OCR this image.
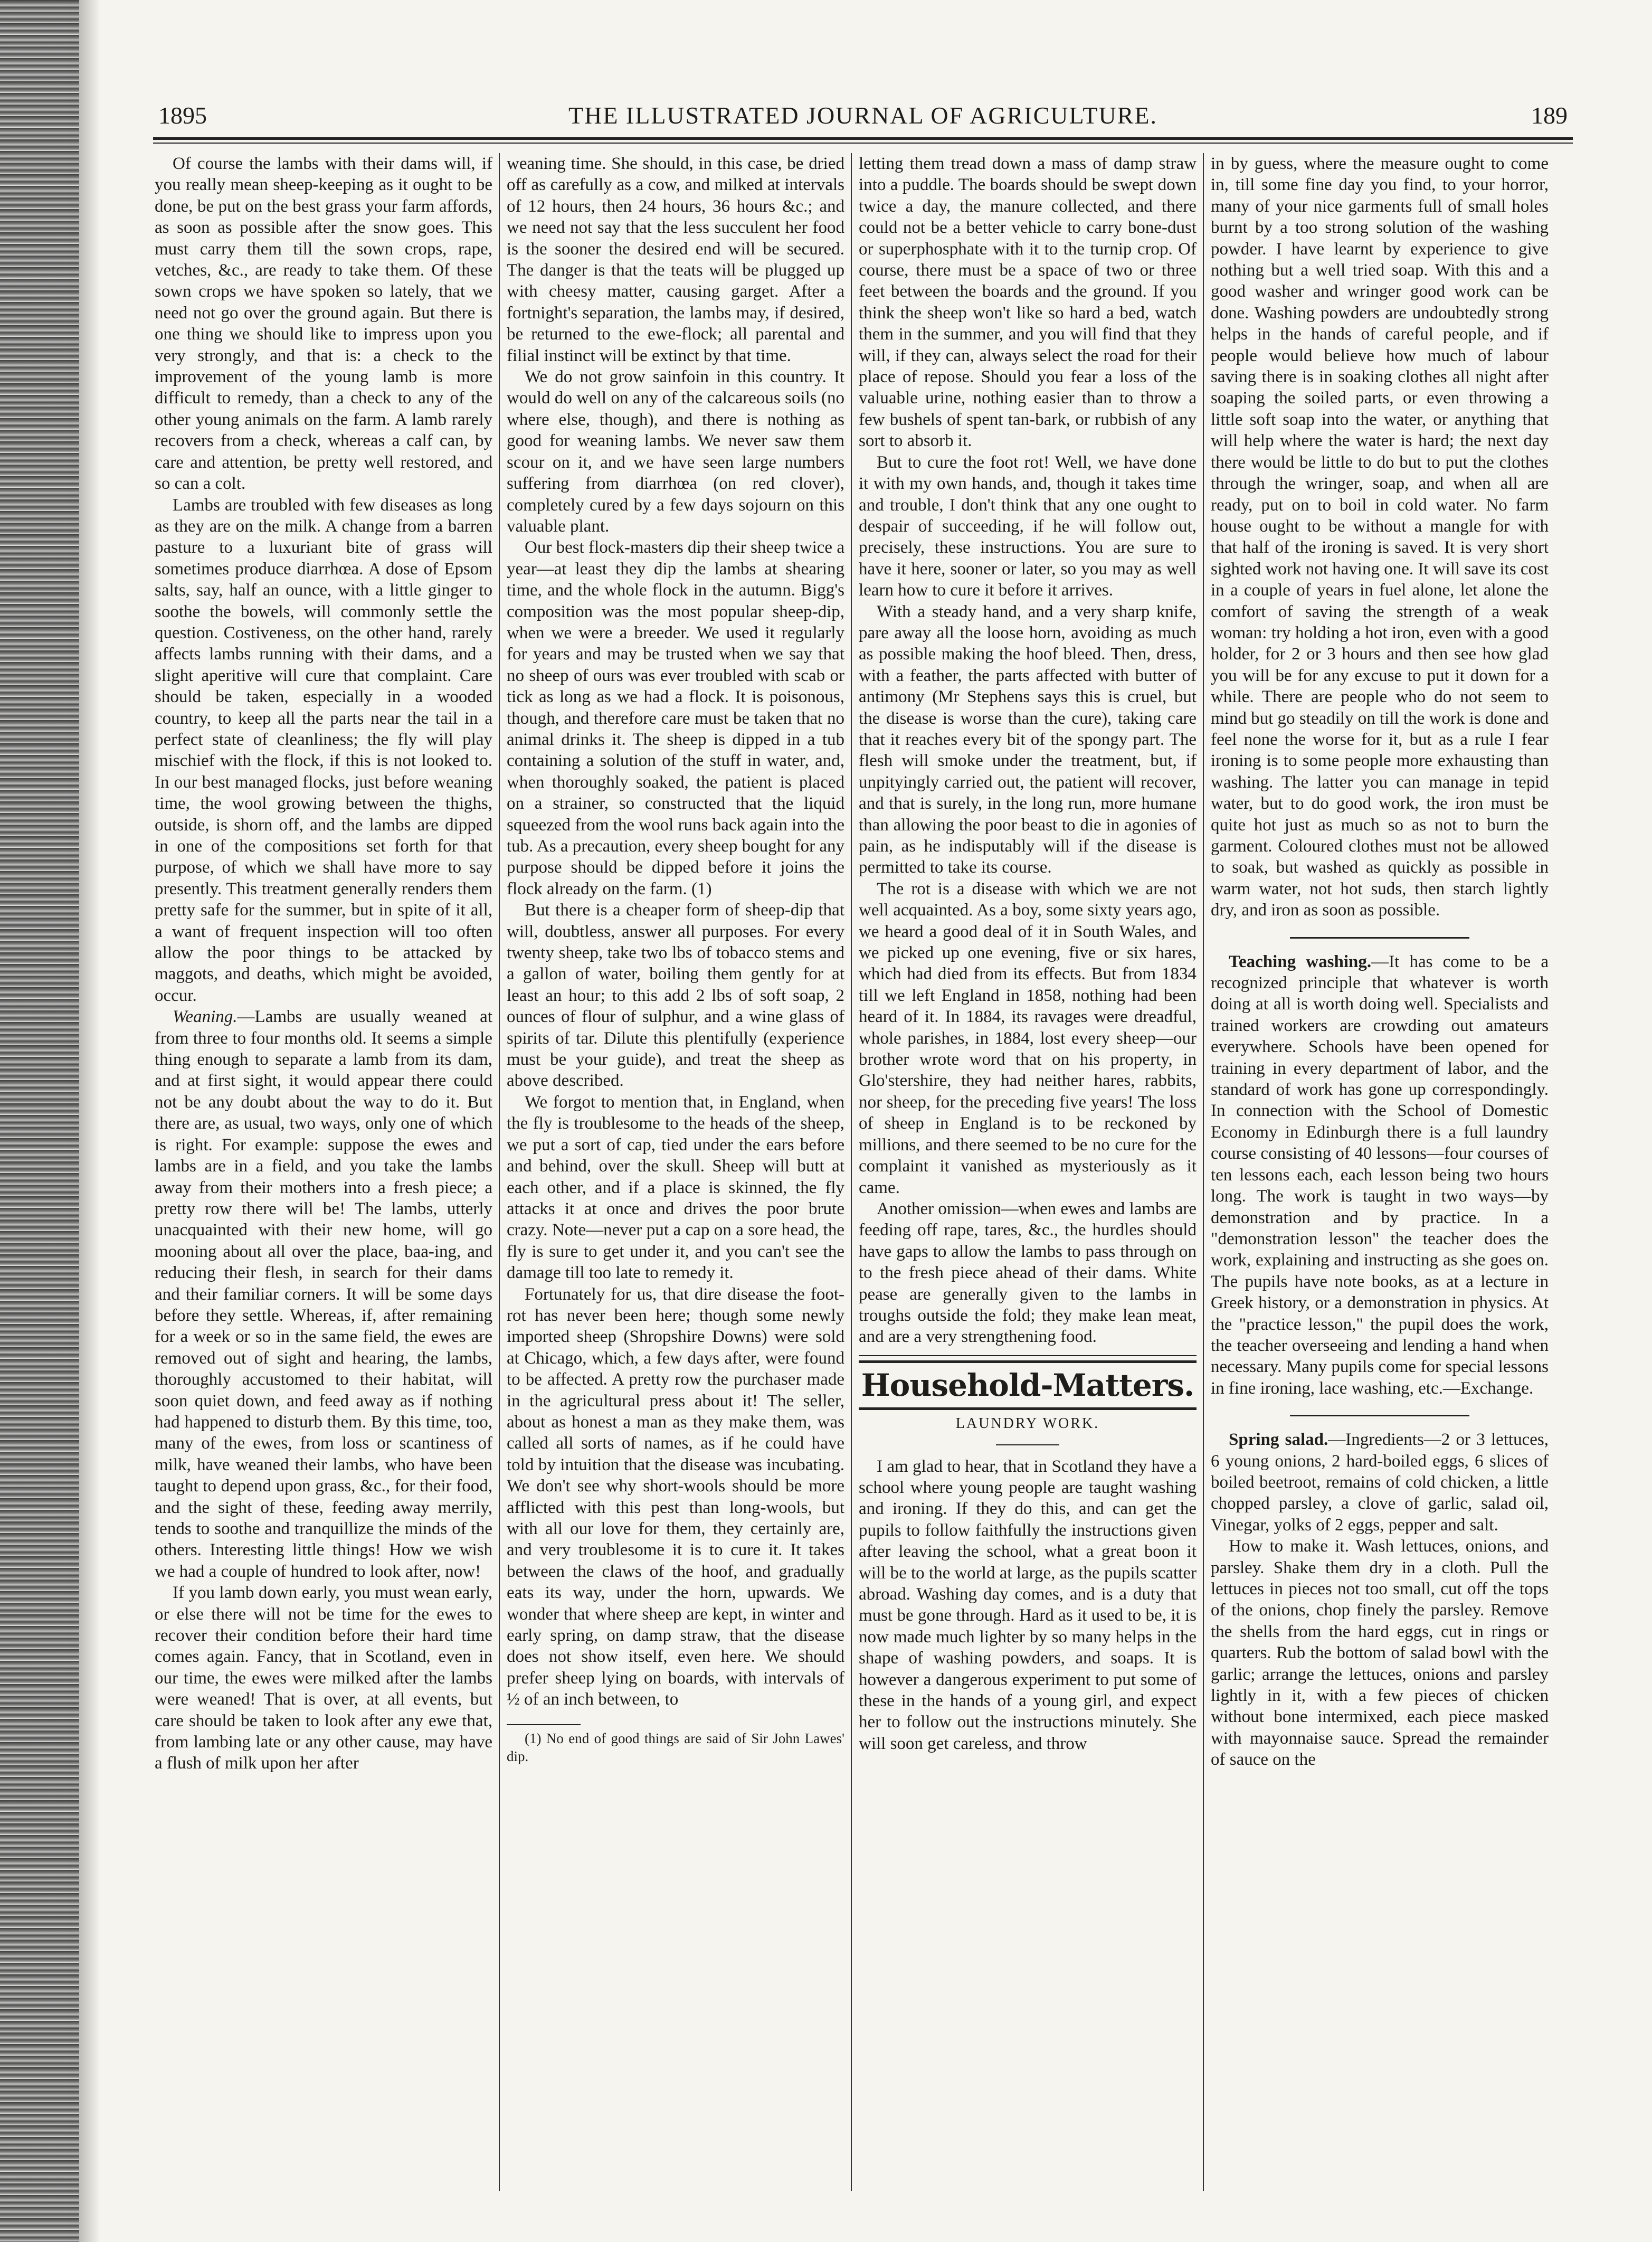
1895	THE ILLUSTRATED JOURNAL OF AGRICULTURE.	189

Of course the lambs with their dams will, if you really mean sheep-keeping as it ought to be done, be put on the best grass your farm affords, as soon as possible after the snow goes. This must carry them till the sown crops, rape, vetches, &c., are ready to take them. Of these sown crops we have spoken so lately, that we need not go over the ground again. But there is one thing we should like to impress upon you very strongly, and that is: a check to the improvement of the young lamb is more difficult to remedy, than a check to any of the other young animals on the farm. A lamb rarely recovers from a check, whereas a calf can, by care and attention, be pretty well restored, and so can a colt.

Lambs are troubled with few diseases as long as they are on the milk. A change from a barren pasture to a luxuriant bite of grass will sometimes produce diarrhœa. A dose of Epsom salts, say, half an ounce, with a little ginger to soothe the bowels, will commonly settle the question. Costiveness, on the other hand, rarely affects lambs running with their dams, and a slight aperitive will cure that complaint. Care should be taken, especially in a wooded country, to keep all the parts near the tail in a perfect state of cleanliness; the fly will play mischief with the flock, if this is not looked to. In our best managed flocks, just before weaning time, the wool growing between the thighs, outside, is shorn off, and the lambs are dipped in one of the compositions set forth for that purpose, of which we shall have more to say presently. This treatment generally renders them pretty safe for the summer, but in spite of it all, a want of frequent inspection will too often allow the poor things to be attacked by maggots, and deaths, which might be avoided, occur.

Weaning.—Lambs are usually weaned at from three to four months old. It seems a simple thing enough to separate a lamb from its dam, and at first sight, it would appear there could not be any doubt about the way to do it. But there are, as usual, two ways, only one of which is right. For example: suppose the ewes and lambs are in a field, and you take the lambs away from their mothers into a fresh piece; a pretty row there will be! The lambs, utterly unacquainted with their new home, will go mooning about all over the place, baa-ing, and reducing their flesh, in search for their dams and their familiar corners. It will be some days before they settle. Whereas, if, after remaining for a week or so in the same field, the ewes are removed out of sight and hearing, the lambs, thoroughly accustomed to their habitat, will soon quiet down, and feed away as if nothing had happened to disturb them. By this time, too, many of the ewes, from loss or scantiness of milk, have weaned their lambs, who have been taught to depend upon grass, &c., for their food, and the sight of these, feeding away merrily, tends to soothe and tranquillize the minds of the others. Interesting little things! How we wish we had a couple of hundred to look after, now!

If you lamb down early, you must wean early, or else there will not be time for the ewes to recover their condition before their hard time comes again. Fancy, that in Scotland, even in our time, the ewes were milked after the lambs were weaned! That is over, at all events, but care should be taken to look after any ewe that, from lambing late or any other cause, may have a flush of milk upon her after

weaning time. She should, in this case, be dried off as carefully as a cow, and milked at intervals of 12 hours, then 24 hours, 36 hours &c.; and we need not say that the less succulent her food is the sooner the desired end will be secured. The danger is that the teats will be plugged up with cheesy matter, causing garget. After a fortnight's separation, the lambs may, if desired, be returned to the ewe-flock; all parental and filial instinct will be extinct by that time.

We do not grow sainfoin in this country. It would do well on any of the calcareous soils (no where else, though), and there is nothing as good for weaning lambs. We never saw them scour on it, and we have seen large numbers suffering from diarrhœa (on red clover), completely cured by a few days sojourn on this valuable plant.

Our best flock-masters dip their sheep twice a year—at least they dip the lambs at shearing time, and the whole flock in the autumn. Bigg's composition was the most popular sheep-dip, when we were a breeder. We used it regularly for years and may be trusted when we say that no sheep of ours was ever troubled with scab or tick as long as we had a flock. It is poisonous, though, and therefore care must be taken that no animal drinks it. The sheep is dipped in a tub containing a solution of the stuff in water, and, when thoroughly soaked, the patient is placed on a strainer, so constructed that the liquid squeezed from the wool runs back again into the tub. As a precaution, every sheep bought for any purpose should be dipped before it joins the flock already on the farm. (1)

But there is a cheaper form of sheep-dip that will, doubtless, answer all purposes. For every twenty sheep, take two lbs of tobacco stems and a gallon of water, boiling them gently for at least an hour; to this add 2 lbs of soft soap, 2 ounces of flour of sulphur, and a wine glass of spirits of tar. Dilute this plentifully (experience must be your guide), and treat the sheep as above described.

We forgot to mention that, in England, when the fly is troublesome to the heads of the sheep, we put a sort of cap, tied under the ears before and behind, over the skull. Sheep will butt at each other, and if a place is skinned, the fly attacks it at once and drives the poor brute crazy. Note—never put a cap on a sore head, the fly is sure to get under it, and you can't see the damage till too late to remedy it.

Fortunately for us, that dire disease the foot-rot has never been here; though some newly imported sheep (Shropshire Downs) were sold at Chicago, which, a few days after, were found to be affected. A pretty row the purchaser made in the agricultural press about it! The seller, about as honest a man as they make them, was called all sorts of names, as if he could have told by intuition that the disease was incubating. We don't see why short-wools should be more afflicted with this pest than long-wools, but with all our love for them, they certainly are, and very troublesome it is to cure it. It takes between the claws of the hoof, and gradually eats its way, under the horn, upwards. We wonder that where sheep are kept, in winter and early spring, on damp straw, that the disease does not show itself, even here. We should prefer sheep lying on boards, with intervals of ½ of an inch between, to

(1) No end of good things are said of Sir John Lawes' dip.

letting them tread down a mass of damp straw into a puddle. The boards should be swept down twice a day, the manure collected, and there could not be a better vehicle to carry bone-dust or superphosphate with it to the turnip crop. Of course, there must be a space of two or three feet between the boards and the ground. If you think the sheep won't like so hard a bed, watch them in the summer, and you will find that they will, if they can, always select the road for their place of repose. Should you fear a loss of the valuable urine, nothing easier than to throw a few bushels of spent tan-bark, or rubbish of any sort to absorb it.

But to cure the foot rot! Well, we have done it with my own hands, and, though it takes time and trouble, I don't think that any one ought to despair of succeeding, if he will follow out, precisely, these instructions. You are sure to have it here, sooner or later, so you may as well learn how to cure it before it arrives.

With a steady hand, and a very sharp knife, pare away all the loose horn, avoiding as much as possible making the hoof bleed. Then, dress, with a feather, the parts affected with butter of antimony (Mr Stephens says this is cruel, but the disease is worse than the cure), taking care that it reaches every bit of the spongy part. The flesh will smoke under the treatment, but, if unpityingly carried out, the patient will recover, and that is surely, in the long run, more humane than allowing the poor beast to die in agonies of pain, as he indisputably will if the disease is permitted to take its course.

The rot is a disease with which we are not well acquainted. As a boy, some sixty years ago, we heard a good deal of it in South Wales, and we picked up one evening, five or six hares, which had died from its effects. But from 1834 till we left England in 1858, nothing had been heard of it. In 1884, its ravages were dreadful, whole parishes, in 1884, lost every sheep—our brother wrote word that on his property, in Glo'stershire, they had neither hares, rabbits, nor sheep, for the preceding five years! The loss of sheep in England is to be reckoned by millions, and there seemed to be no cure for the complaint it vanished as mysteriously as it came.

Another omission—when ewes and lambs are feeding off rape, tares, &c., the hurdles should have gaps to allow the lambs to pass through on to the fresh piece ahead of their dams. White pease are generally given to the lambs in troughs outside the fold; they make lean meat, and are a very strengthening food.

Household-Matters.
LAUNDRY WORK.

I am glad to hear, that in Scotland they have a school where young people are taught washing and ironing. If they do this, and can get the pupils to follow faithfully the instructions given after leaving the school, what a great boon it will be to the world at large, as the pupils scatter abroad. Washing day comes, and is a duty that must be gone through. Hard as it used to be, it is now made much lighter by so many helps in the shape of washing powders, and soaps. It is however a dangerous experiment to put some of these in the hands of a young girl, and expect her to follow out the instructions minutely. She will soon get careless, and throw

in by guess, where the measure ought to come in, till some fine day you find, to your horror, many of your nice garments full of small holes burnt by a too strong solution of the washing powder. I have learnt by experience to give nothing but a well tried soap. With this and a good washer and wringer good work can be done. Washing powders are undoubtedly strong helps in the hands of careful people, and if people would believe how much of labour saving there is in soaking clothes all night after soaping the soiled parts, or even throwing a little soft soap into the water, or anything that will help where the water is hard; the next day there would be little to do but to put the clothes through the wringer, soap, and when all are ready, put on to boil in cold water. No farm house ought to be without a mangle for with that half of the ironing is saved. It is very short sighted work not having one. It will save its cost in a couple of years in fuel alone, let alone the comfort of saving the strength of a weak woman: try holding a hot iron, even with a good holder, for 2 or 3 hours and then see how glad you will be for any excuse to put it down for a while. There are people who do not seem to mind but go steadily on till the work is done and feel none the worse for it, but as a rule I fear ironing is to some people more exhausting than washing. The latter you can manage in tepid water, but to do good work, the iron must be quite hot just as much so as not to burn the garment. Coloured clothes must not be allowed to soak, but washed as quickly as possible in warm water, not hot suds, then starch lightly dry, and iron as soon as possible.

Teaching washing.—It has come to be a recognized principle that whatever is worth doing at all is worth doing well. Specialists and trained workers are crowding out amateurs everywhere. Schools have been opened for training in every department of labor, and the standard of work has gone up correspondingly. In connection with the School of Domestic Economy in Edinburgh there is a full laundry course consisting of 40 lessons—four courses of ten lessons each, each lesson being two hours long. The work is taught in two ways—by demonstration and by practice. In a "demonstration lesson" the teacher does the work, explaining and instructing as she goes on. The pupils have note books, as at a lecture in Greek history, or a demonstration in physics. At the "practice lesson," the pupil does the work, the teacher overseeing and lending a hand when necessary. Many pupils come for special lessons in fine ironing, lace washing, etc.—Exchange.

Spring salad.—Ingredients—2 or 3 lettuces, 6 young onions, 2 hard-boiled eggs, 6 slices of boiled beetroot, remains of cold chicken, a little chopped parsley, a clove of garlic, salad oil, Vinegar, yolks of 2 eggs, pepper and salt.

How to make it. Wash lettuces, onions, and parsley. Shake them dry in a cloth. Pull the lettuces in pieces not too small, cut off the tops of the onions, chop finely the parsley. Remove the shells from the hard eggs, cut in rings or quarters. Rub the bottom of salad bowl with the garlic; arrange the lettuces, onions and parsley lightly in it, with a few pieces of chicken without bone intermixed, each piece masked with mayonnaise sauce. Spread the remainder of sauce on the
